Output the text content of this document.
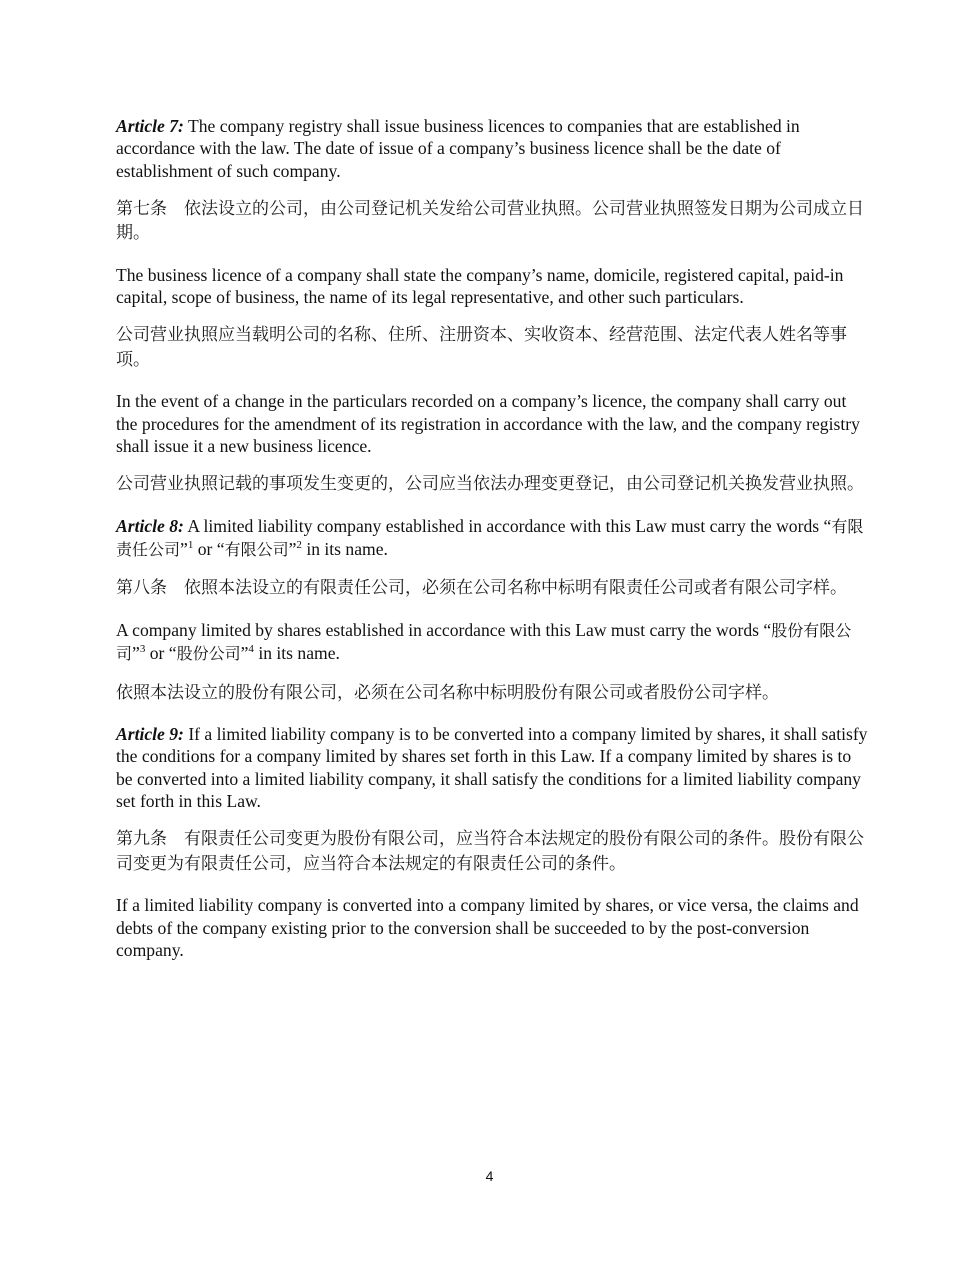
Article 7: The company registry shall issue business licences to companies that are established in accordance with the law. The date of issue of a company’s business licence shall be the date of establishment of such company.

第七条　依法设立的公司，由公司登记机关发给公司营业执照。公司营业执照签发日期为公司成立日期。

The business licence of a company shall state the company’s name, domicile, registered capital, paid-in capital, scope of business, the name of its legal representative, and other such particulars.

公司营业执照应当载明公司的名称、住所、注册资本、实收资本、经营范围、法定代表人姓名等事项。

In the event of a change in the particulars recorded on a company’s licence, the company shall carry out the procedures for the amendment of its registration in accordance with the law, and the company registry shall issue it a new business licence.

公司营业执照记载的事项发生变更的，公司应当依法办理变更登记，由公司登记机关换发营业执照。

Article 8: A limited liability company established in accordance with this Law must carry the words “有限责任公司”$^1$ or “有限公司”$^2$ in its name.

第八条　依照本法设立的有限责任公司，必须在公司名称中标明有限责任公司或者有限公司字样。

A company limited by shares established in accordance with this Law must carry the words “股份有限公司”$^3$ or “股份公司”$^4$ in its name.

依照本法设立的股份有限公司，必须在公司名称中标明股份有限公司或者股份公司字样。

Article 9: If a limited liability company is to be converted into a company limited by shares, it shall satisfy the conditions for a company limited by shares set forth in this Law. If a company limited by shares is to be converted into a limited liability company, it shall satisfy the conditions for a limited liability company set forth in this Law.

第九条　有限责任公司变更为股份有限公司，应当符合本法规定的股份有限公司的条件。股份有限公司变更为有限责任公司，应当符合本法规定的有限责任公司的条件。

If a limited liability company is converted into a company limited by shares, or vice versa, the claims and debts of the company existing prior to the conversion shall be succeeded to by the post-conversion company.

4
